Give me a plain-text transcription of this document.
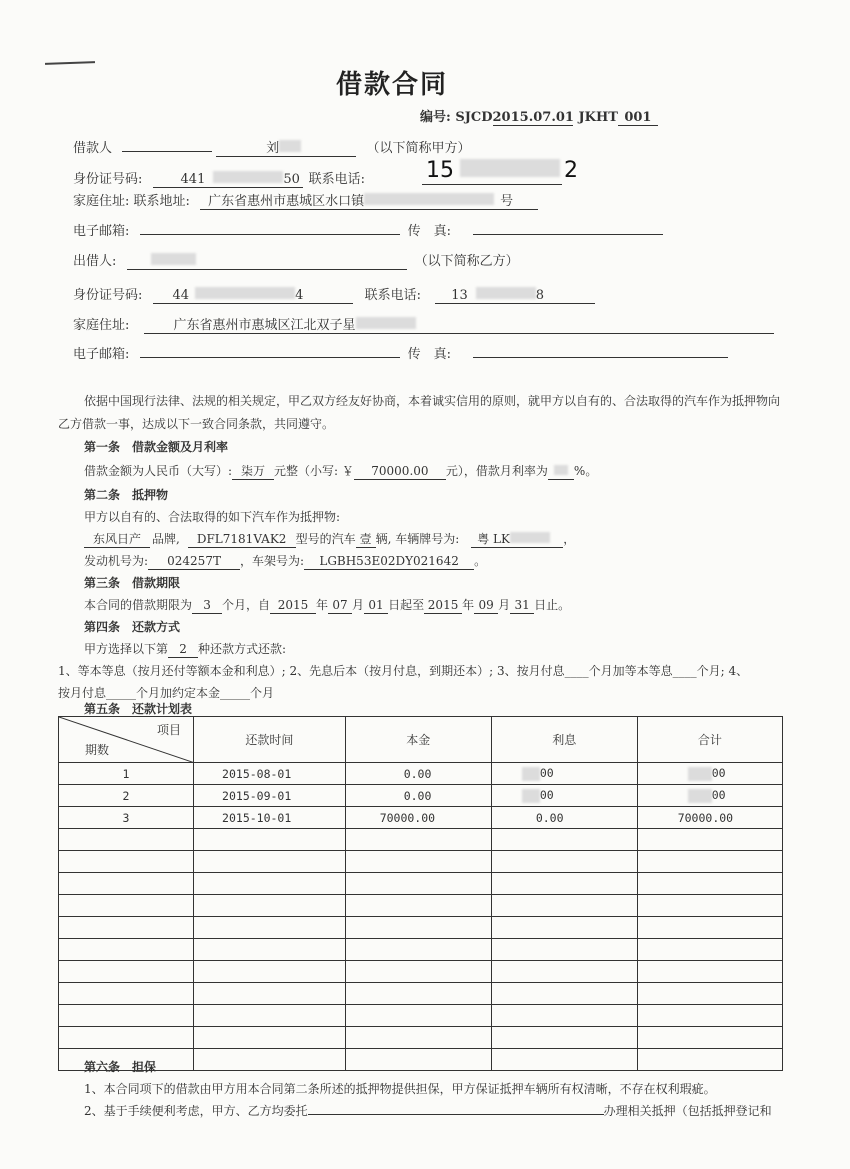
借款合同
编号: SJCD2015.07.01 JKHT 001
借款人	刘	（以下简称甲方）
身份证号码:	441	50 联系电话:	15	2
家庭住址: 联系地址: 广东省惠州市惠城区水口镇	号
电子邮箱:	传　真:
出借人:	（以下简称乙方）
身份证号码: 44	4	联系电话: 13	8
家庭住址:	广东省惠州市惠城区江北双子星
电子邮箱:	传　真:
依据中国现行法律、法规的相关规定，甲乙双方经友好协商，本着诚实信用的原则，就甲方以自有的、合法取得的汽车作为抵押物向乙方借款一事，达成以下一致合同条款，共同遵守。
第一条　借款金额及月利率
借款金额为人民币（大写）: 柒万 元整（小写: ￥ 70000.00 元），借款月利率为 %。
第二条　抵押物
甲方以自有的、合法取得的如下汽车作为抵押物:
东风日产 品牌, DFL7181VAK2 型号的汽车 壹 辆, 车辆牌号为: 粤 LK	，
发动机号为: 024257T ，车架号为: LGBH53E02DY021642 。
第三条　借款期限
本合同的借款期限为 3 个月，自 2015 年 07 月 01 日起至 2015 年 09 月 31 日止。
第四条　还款方式
甲方选择以下第 2 种还款方式还款:
1、等本等息（按月还付等额本金和利息）; 2、先息后本（按月付息，到期还本）; 3、按月付息____个月加等本等息____个月; 4、
按月付息_____个月加约定本金_____个月
第五条　还款计划表
项目
期数	还款时间	本金	利息	合计
1	2015-08-01	0.00	00	00
2	2015-09-01	0.00	00	00
3	2015-10-01	70000.00	0.00	70000.00

第六条　担保
1、本合同项下的借款由甲方用本合同第二条所述的抵押物提供担保，甲方保证抵押车辆所有权清晰，不存在权利瑕疵。
2、基于手续便利考虑，甲方、乙方均委托	办理相关抵押（包括抵押登记和
